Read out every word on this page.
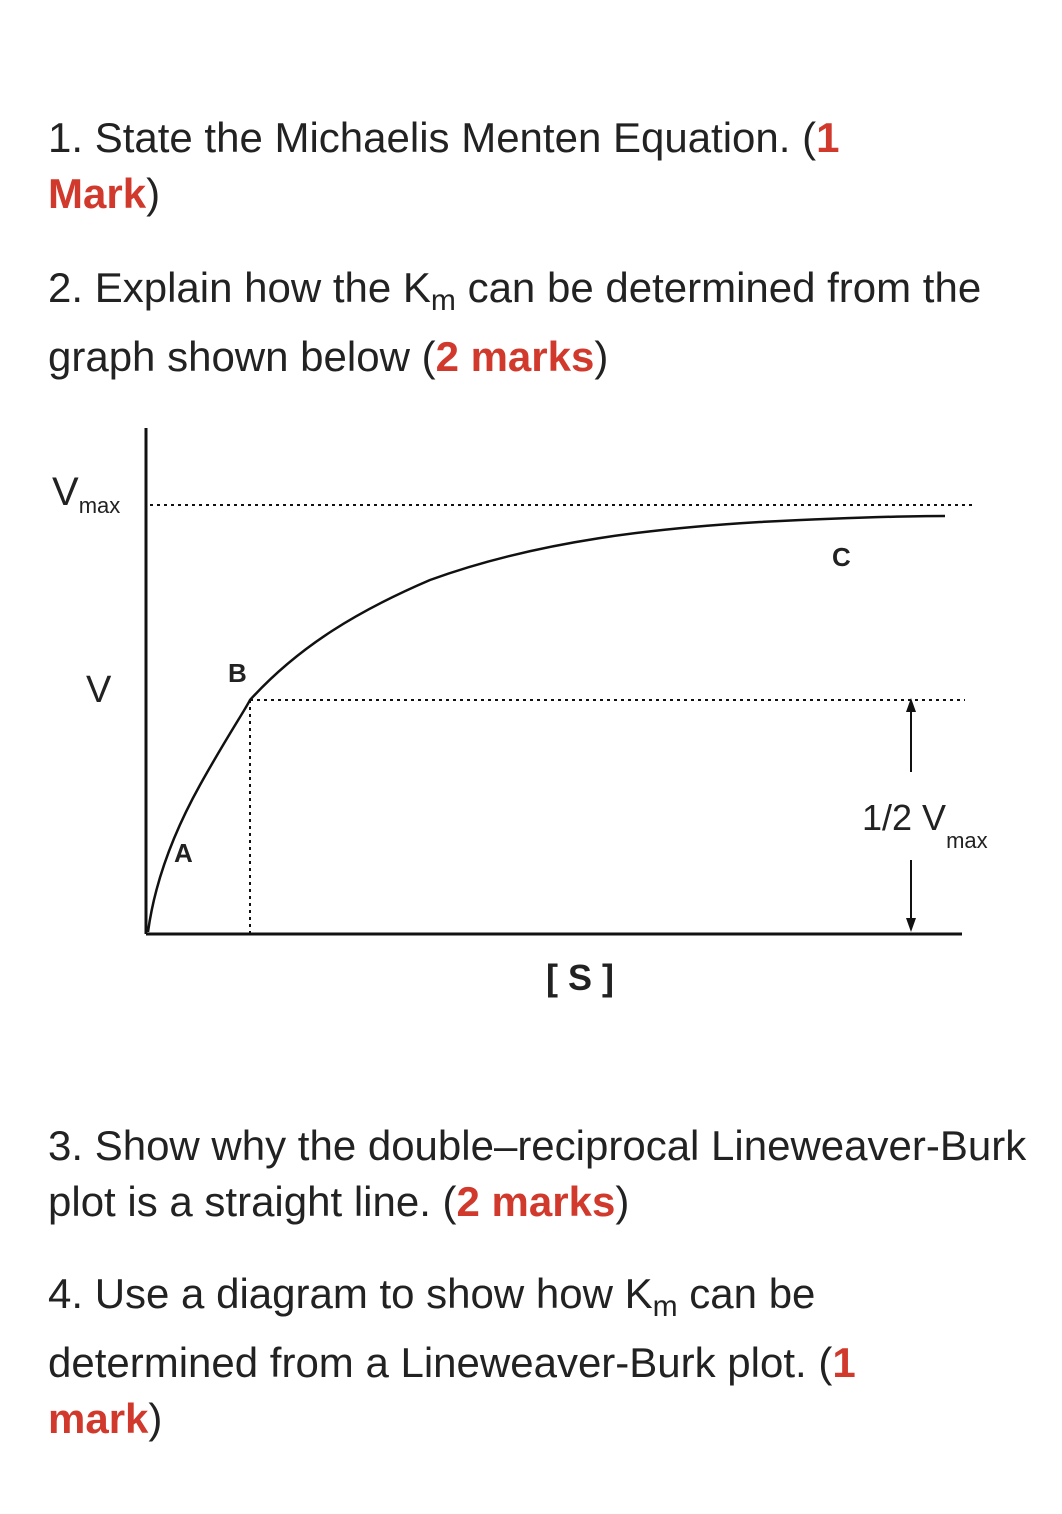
1. State the Michaelis Menten Equation. (1 Mark)

2. Explain how the $K_m$ can be determined from the graph shown below (2 marks)

$V_{max}$
V
A
B
C
1/2 $V_{max}$
[ S ]

3. Show why the double–reciprocal Lineweaver-Burk plot is a straight line. (2 marks)

4. Use a diagram to show how $K_m$ can be determined from a Lineweaver-Burk plot. (1 mark)
